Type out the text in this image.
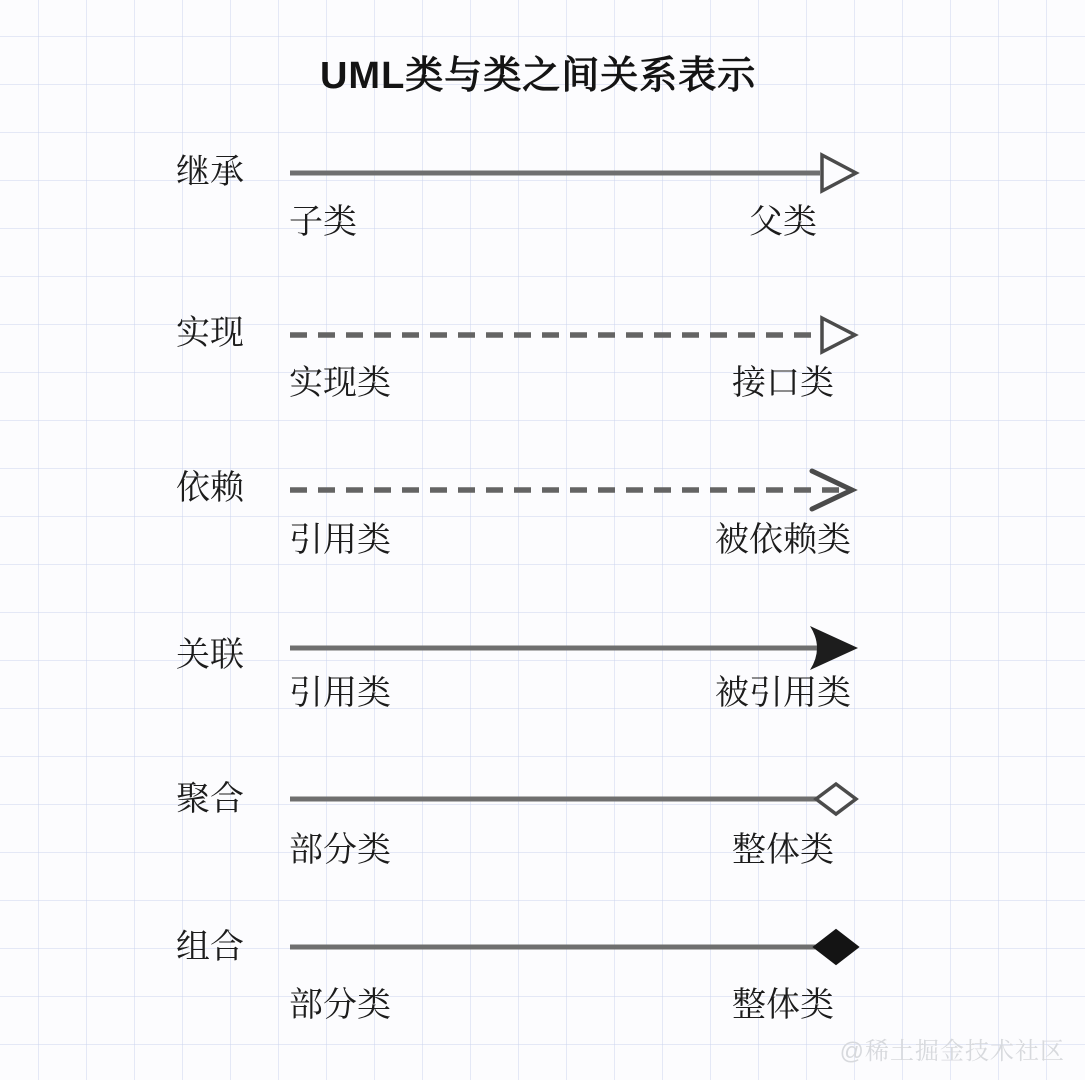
UML类与类之间关系表示
继承
子类	父类
实现
实现类	接口类
依赖
引用类	被依赖类
关联
引用类	被引用类
聚合
部分类	整体类
组合
部分类	整体类
@稀土掘金技术社区
